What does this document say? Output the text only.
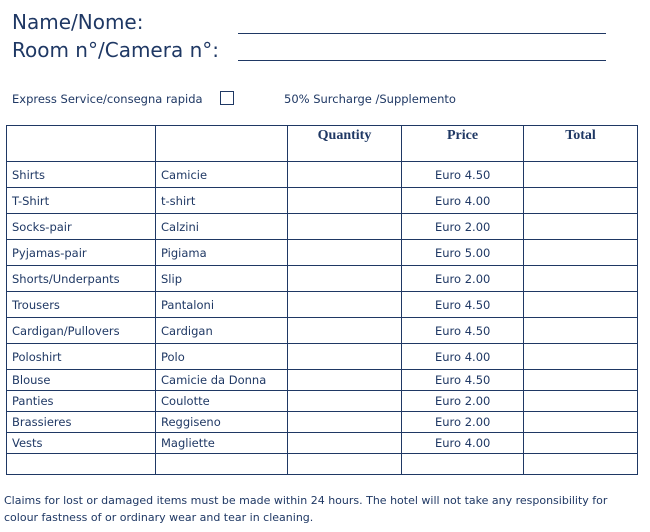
Name/Nome:
Room n°/Camera n°:
Express Service/consegna rapida	50% Surcharge /Supplemento
		Quantity	Price	Total
Shirts	Camicie		Euro 4.50	
T-Shirt	t-shirt		Euro 4.00	
Socks-pair	Calzini		Euro 2.00	
Pyjamas-pair	Pigiama		Euro 5.00	
Shorts/Underpants	Slip		Euro 2.00	
Trousers	Pantaloni		Euro 4.50	
Cardigan/Pullovers	Cardigan		Euro 4.50	
Poloshirt	Polo		Euro 4.00	
Blouse	Camicie da Donna		Euro 4.50	
Panties	Coulotte		Euro 2.00	
Brassieres	Reggiseno		Euro 2.00	
Vests	Magliette		Euro 4.00	

Claims for lost or damaged items must be made within 24 hours. The hotel will not take any responsibility for colour fastness of or ordinary wear and tear in cleaning.
